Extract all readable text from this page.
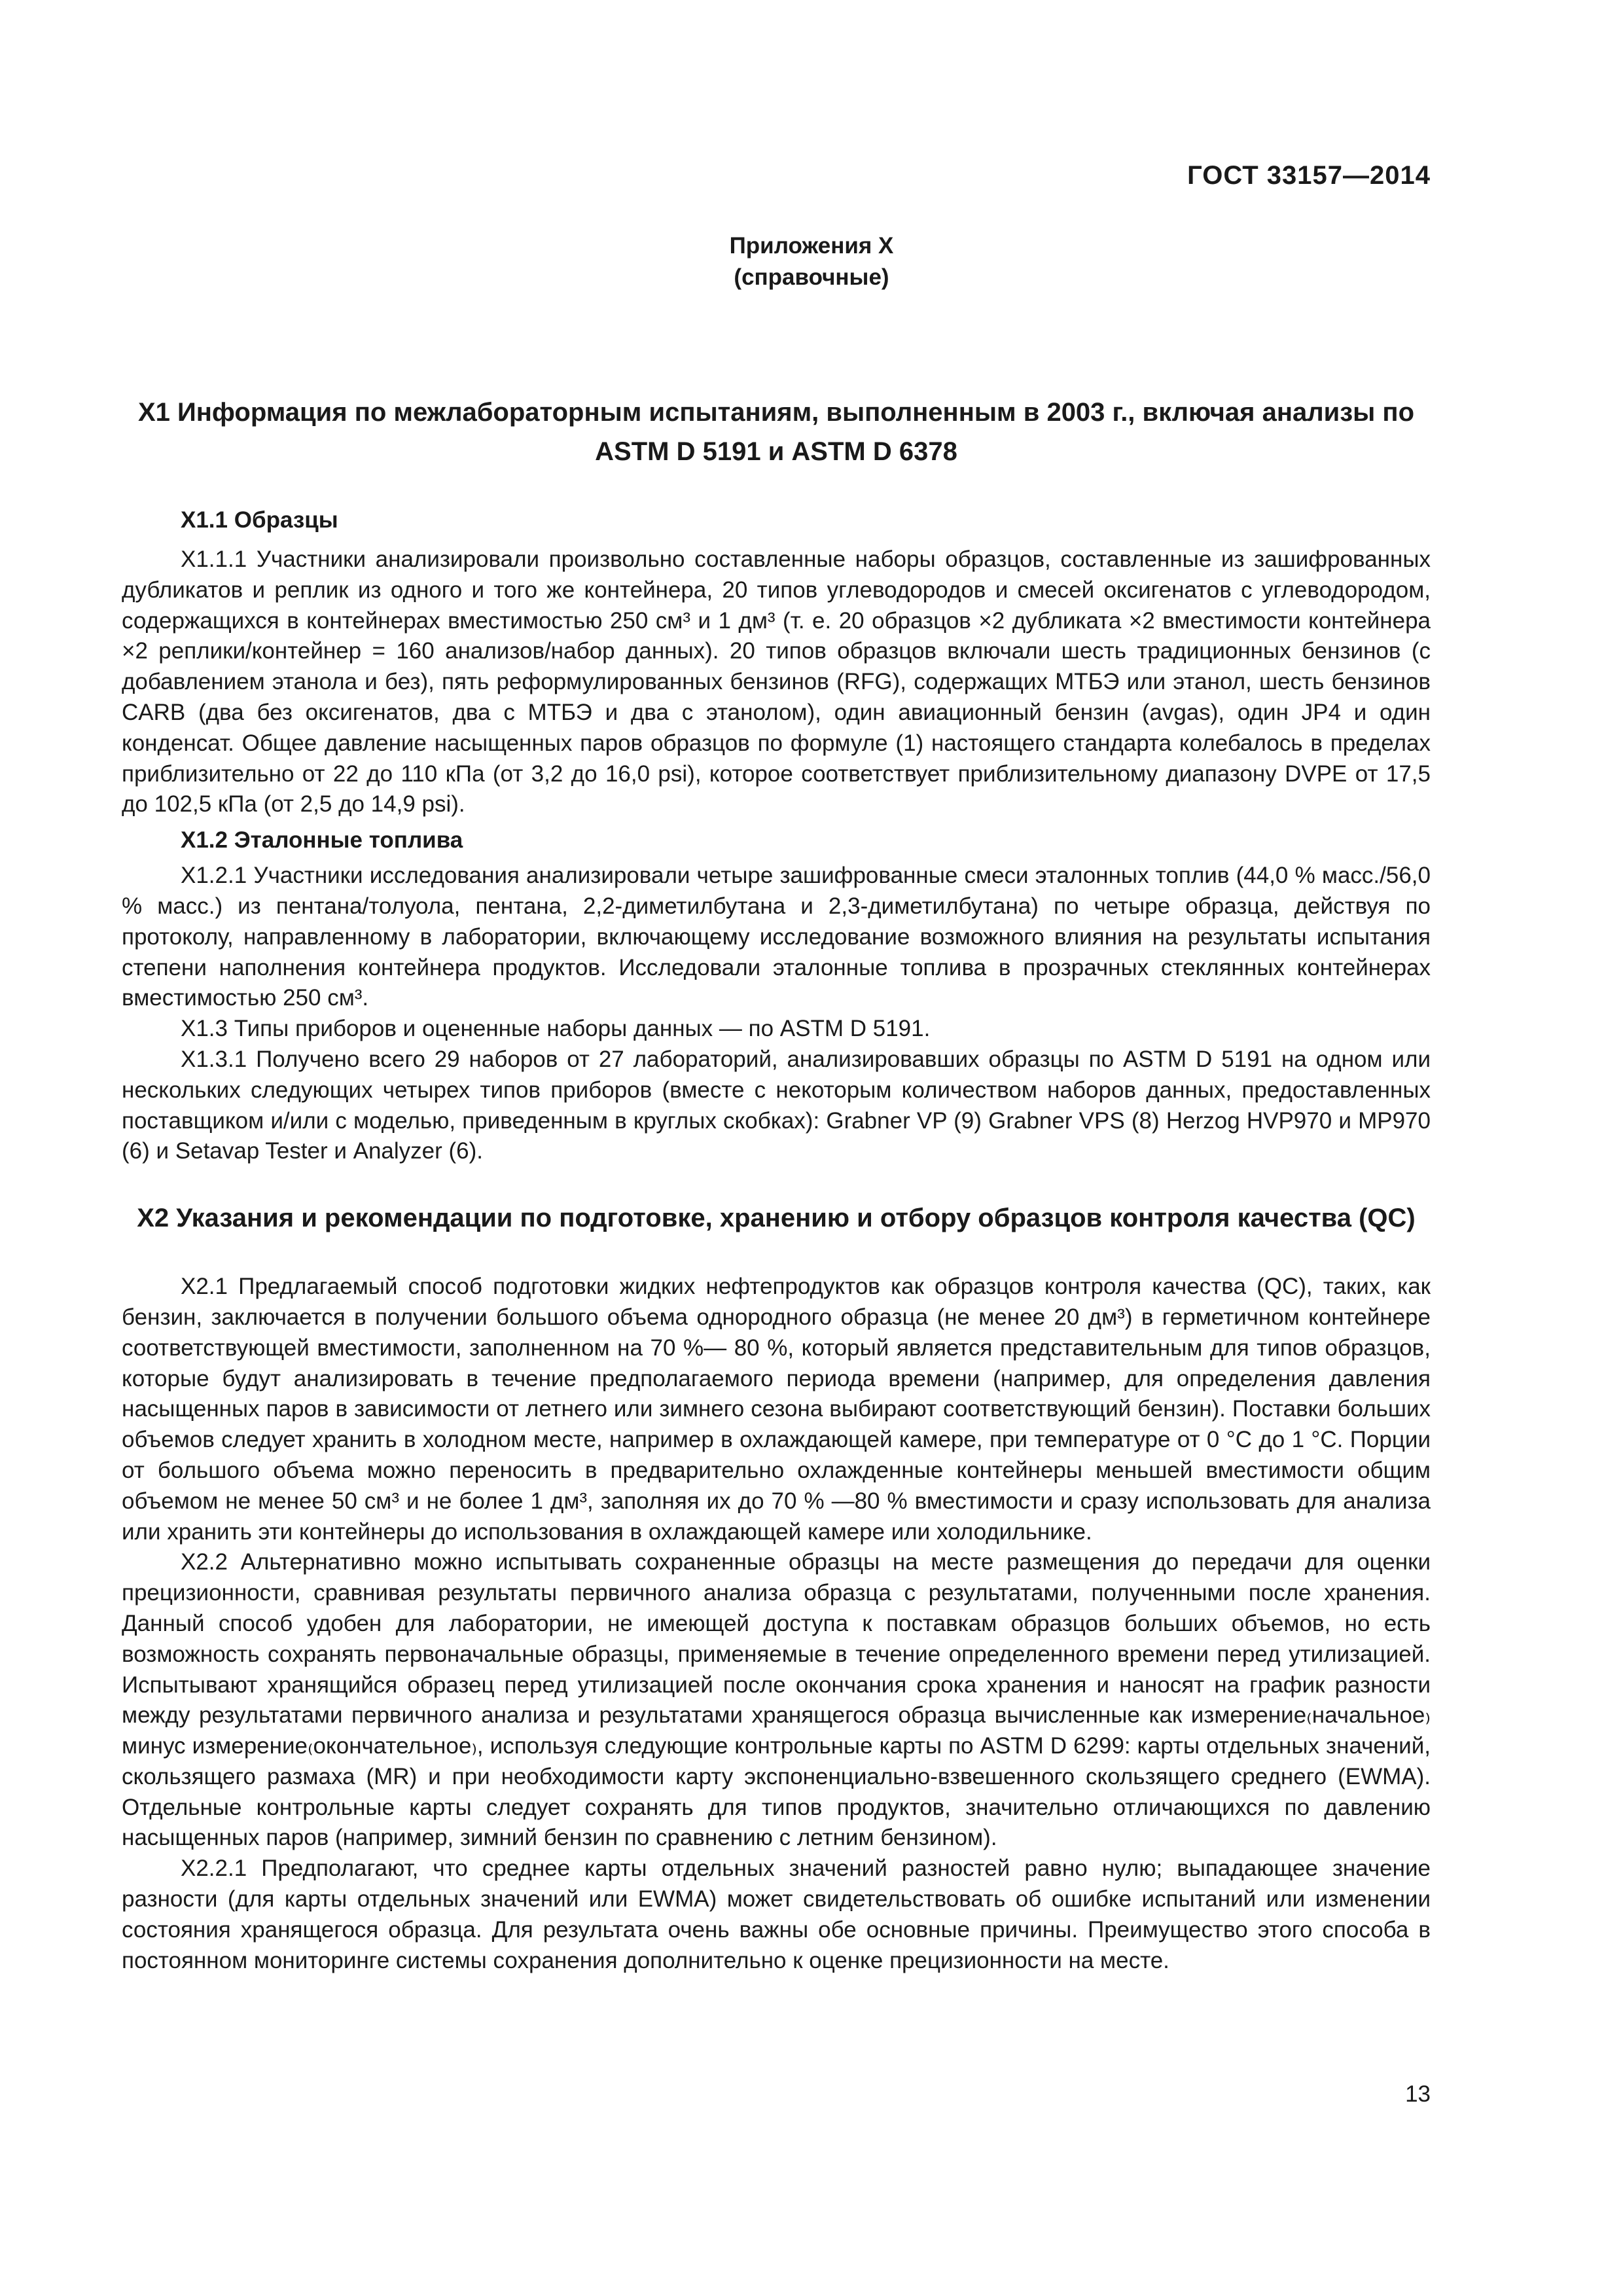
ГОСТ 33157—2014
Приложения X
(справочные)
X1 Информация по межлабораторным испытаниям, выполненным в 2003 г., включая анализы по ASTM D 5191 и ASTM D 6378
X1.1 Образцы

X1.1.1 Участники анализировали произвольно составленные наборы образцов, составленные из зашифрованных дубликатов и реплик из одного и того же контейнера, 20 типов углеводородов и смесей оксигенатов с углеводородом, содержащихся в контейнерах вместимостью 250 см³ и 1 дм³ (т. е. 20 образцов ×2 дубликата ×2 вместимости контейнера ×2 реплики/контейнер = 160 анализов/набор данных). 20 типов образцов включали шесть традиционных бензинов (с добавлением этанола и без), пять реформулированных бензинов (RFG), содержащих МТБЭ или этанол, шесть бензинов CARB (два без оксигенатов, два с МТБЭ и два с этанолом), один авиационный бензин (avgas), один JP4 и один конденсат. Общее давление насыщенных паров образцов по формуле (1) настоящего стандарта колебалось в пределах приблизительно от 22 до 110 кПа (от 3,2 до 16,0 psi), которое соответствует приблизительному диапазону DVPE от 17,5 до 102,5 кПа (от 2,5 до 14,9 psi).

X1.2 Эталонные топлива

X1.2.1 Участники исследования анализировали четыре зашифрованные смеси эталонных топлив (44,0 % масс./56,0 % масс.) из пентана/толуола, пентана, 2,2-диметилбутана и 2,3-диметилбутана) по четыре образца, действуя по протоколу, направленному в лаборатории, включающему исследование возможного влияния на результаты испытания степени наполнения контейнера продуктов. Исследовали эталонные топлива в прозрачных стеклянных контейнерах вместимостью 250 см³.

X1.3 Типы приборов и оцененные наборы данных — по ASTM D 5191.

X1.3.1 Получено всего 29 наборов от 27 лабораторий, анализировавших образцы по ASTM D 5191 на одном или нескольких следующих четырех типов приборов (вместе с некоторым количеством наборов данных, предоставленных поставщиком и/или с моделью, приведенным в круглых скобках): Grabner VP (9) Grabner VPS (8) Herzog HVP970 и MP970 (6) и Setavap Tester и Analyzer (6).

X2 Указания и рекомендации по подготовке, хранению и отбору образцов контроля качества (QC)

X2.1 Предлагаемый способ подготовки жидких нефтепродуктов как образцов контроля качества (QC), таких, как бензин, заключается в получении большого объема однородного образца (не менее 20 дм³) в герметичном контейнере соответствующей вместимости, заполненном на 70 %— 80 %, который является представительным для типов образцов, которые будут анализировать в течение предполагаемого периода времени (например, для определения давления насыщенных паров в зависимости от летнего или зимнего сезона выбирают соответствующий бензин). Поставки больших объемов следует хранить в холодном месте, например в охлаждающей камере, при температуре от 0 °C до 1 °C. Порции от большого объема можно переносить в предварительно охлажденные контейнеры меньшей вместимости общим объемом не менее 50 см³ и не более 1 дм³, заполняя их до 70 % —80 % вместимости и сразу использовать для анализа или хранить эти контейнеры до использования в охлаждающей камере или холодильнике.

X2.2 Альтернативно можно испытывать сохраненные образцы на месте размещения до передачи для оценки прецизионности, сравнивая результаты первичного анализа образца с результатами, полученными после хранения. Данный способ удобен для лаборатории, не имеющей доступа к поставкам образцов больших объемов, но есть возможность сохранять первоначальные образцы, применяемые в течение определенного времени перед утилизацией. Испытывают хранящийся образец перед утилизацией после окончания срока хранения и наносят на график разности между результатами первичного анализа и результатами хранящегося образца вычисленные как измерение₍начальное₎ минус измерение₍окончательное₎, используя следующие контрольные карты по ASTM D 6299: карты отдельных значений, скользящего размаха (MR) и при необходимости карту экспоненциально-взвешенного скользящего среднего (EWMA). Отдельные контрольные карты следует сохранять для типов продуктов, значительно отличающихся по давлению насыщенных паров (например, зимний бензин по сравнению с летним бензином).

X2.2.1 Предполагают, что среднее карты отдельных значений разностей равно нулю; выпадающее значение разности (для карты отдельных значений или EWMA) может свидетельствовать об ошибке испытаний или изменении состояния хранящегося образца. Для результата очень важны обе основные причины. Преимущество этого способа в постоянном мониторинге системы сохранения дополнительно к оценке прецизионности на месте.

13
